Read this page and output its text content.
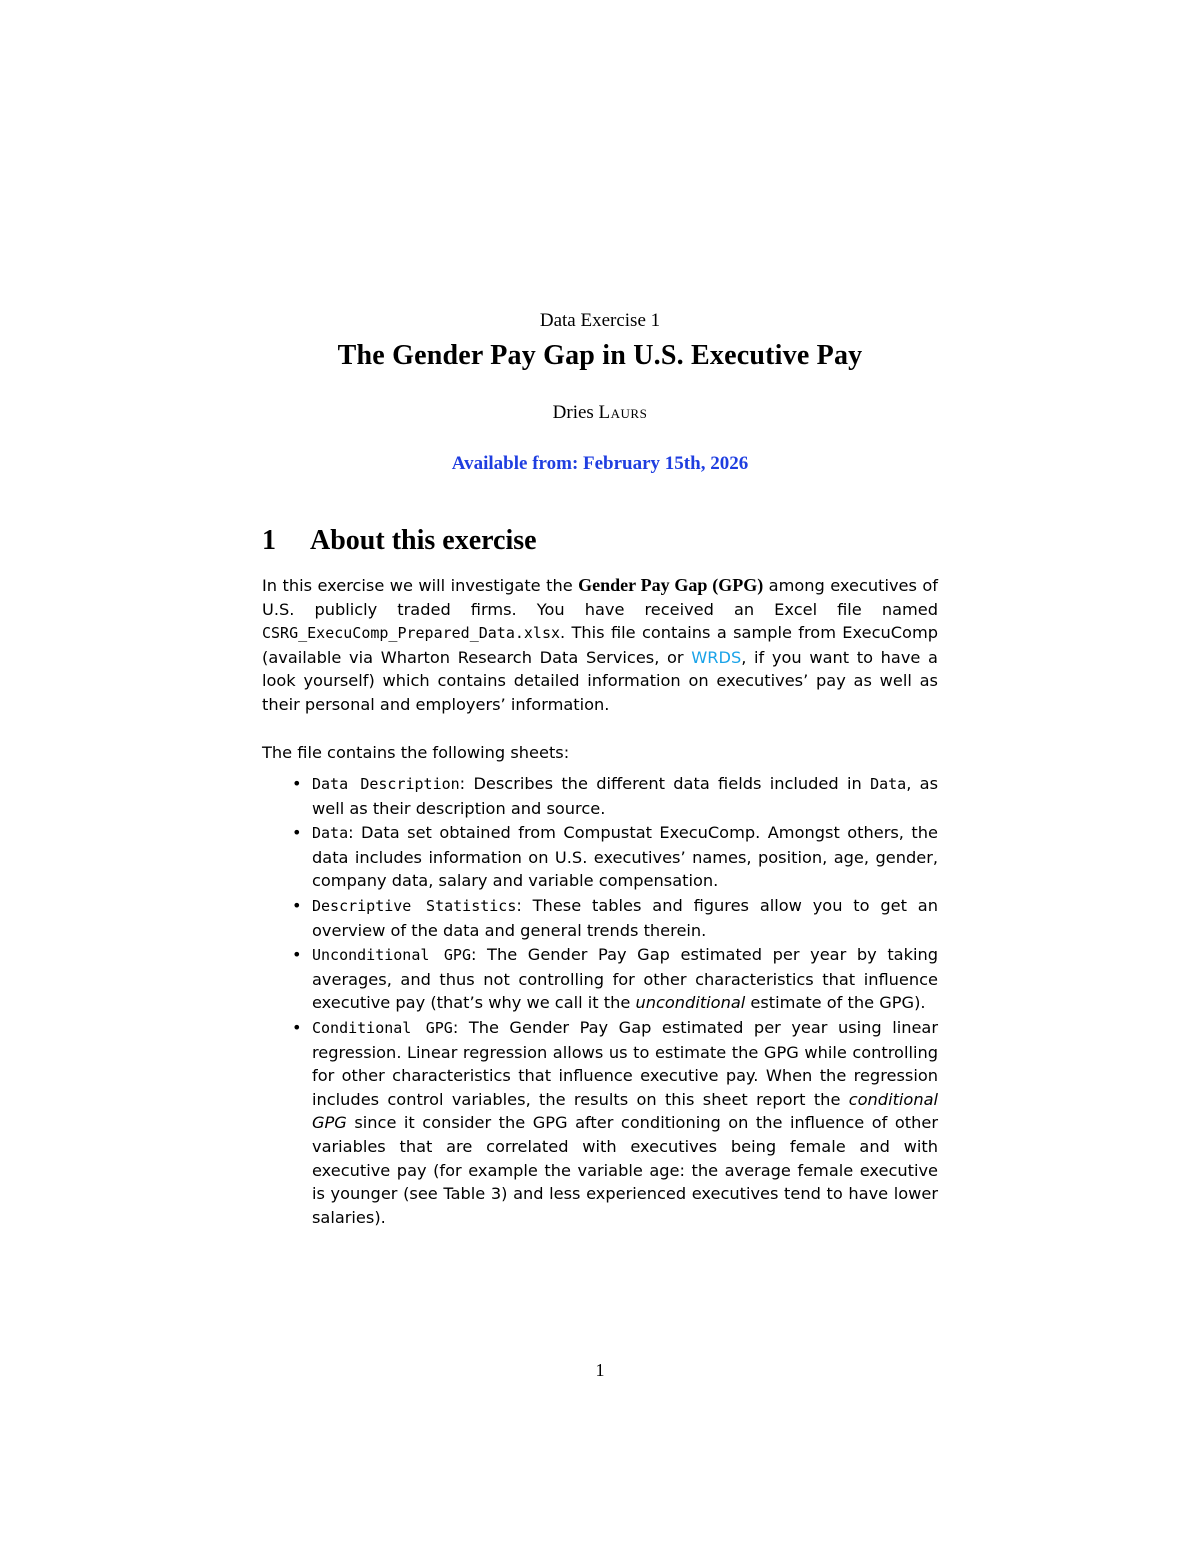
Data Exercise 1
The Gender Pay Gap in U.S. Executive Pay
Dries Laurs
Available from: February 15th, 2026
1 About this exercise
In this exercise we will investigate the Gender Pay Gap (GPG) among executives of U.S. publicly traded firms. You have received an Excel file named CSRG_ExecuComp_Prepared_Data.xlsx. This file contains a sample from ExecuComp (available via Wharton Research Data Services, or WRDS, if you want to have a look yourself) which contains detailed information on executives’ pay as well as their personal and employers’ information.
The file contains the following sheets:
• Data Description: Describes the different data fields included in Data, as well as their description and source.
• Data: Data set obtained from Compustat ExecuComp. Amongst others, the data includes information on U.S. executives’ names, position, age, gender, company data, salary and variable compensation.
• Descriptive Statistics: These tables and figures allow you to get an overview of the data and general trends therein.
• Unconditional GPG: The Gender Pay Gap estimated per year by taking averages, and thus not controlling for other characteristics that influence executive pay (that’s why we call it the unconditional estimate of the GPG).
• Conditional GPG: The Gender Pay Gap estimated per year using linear regression. Linear regression allows us to estimate the GPG while controlling for other characteristics that influence executive pay. When the regression includes control variables, the results on this sheet report the conditional GPG since it consider the GPG after conditioning on the influence of other variables that are correlated with executives being female and with executive pay (for example the variable age: the average female executive is younger (see Table 3) and less experienced executives tend to have lower salaries).
1
